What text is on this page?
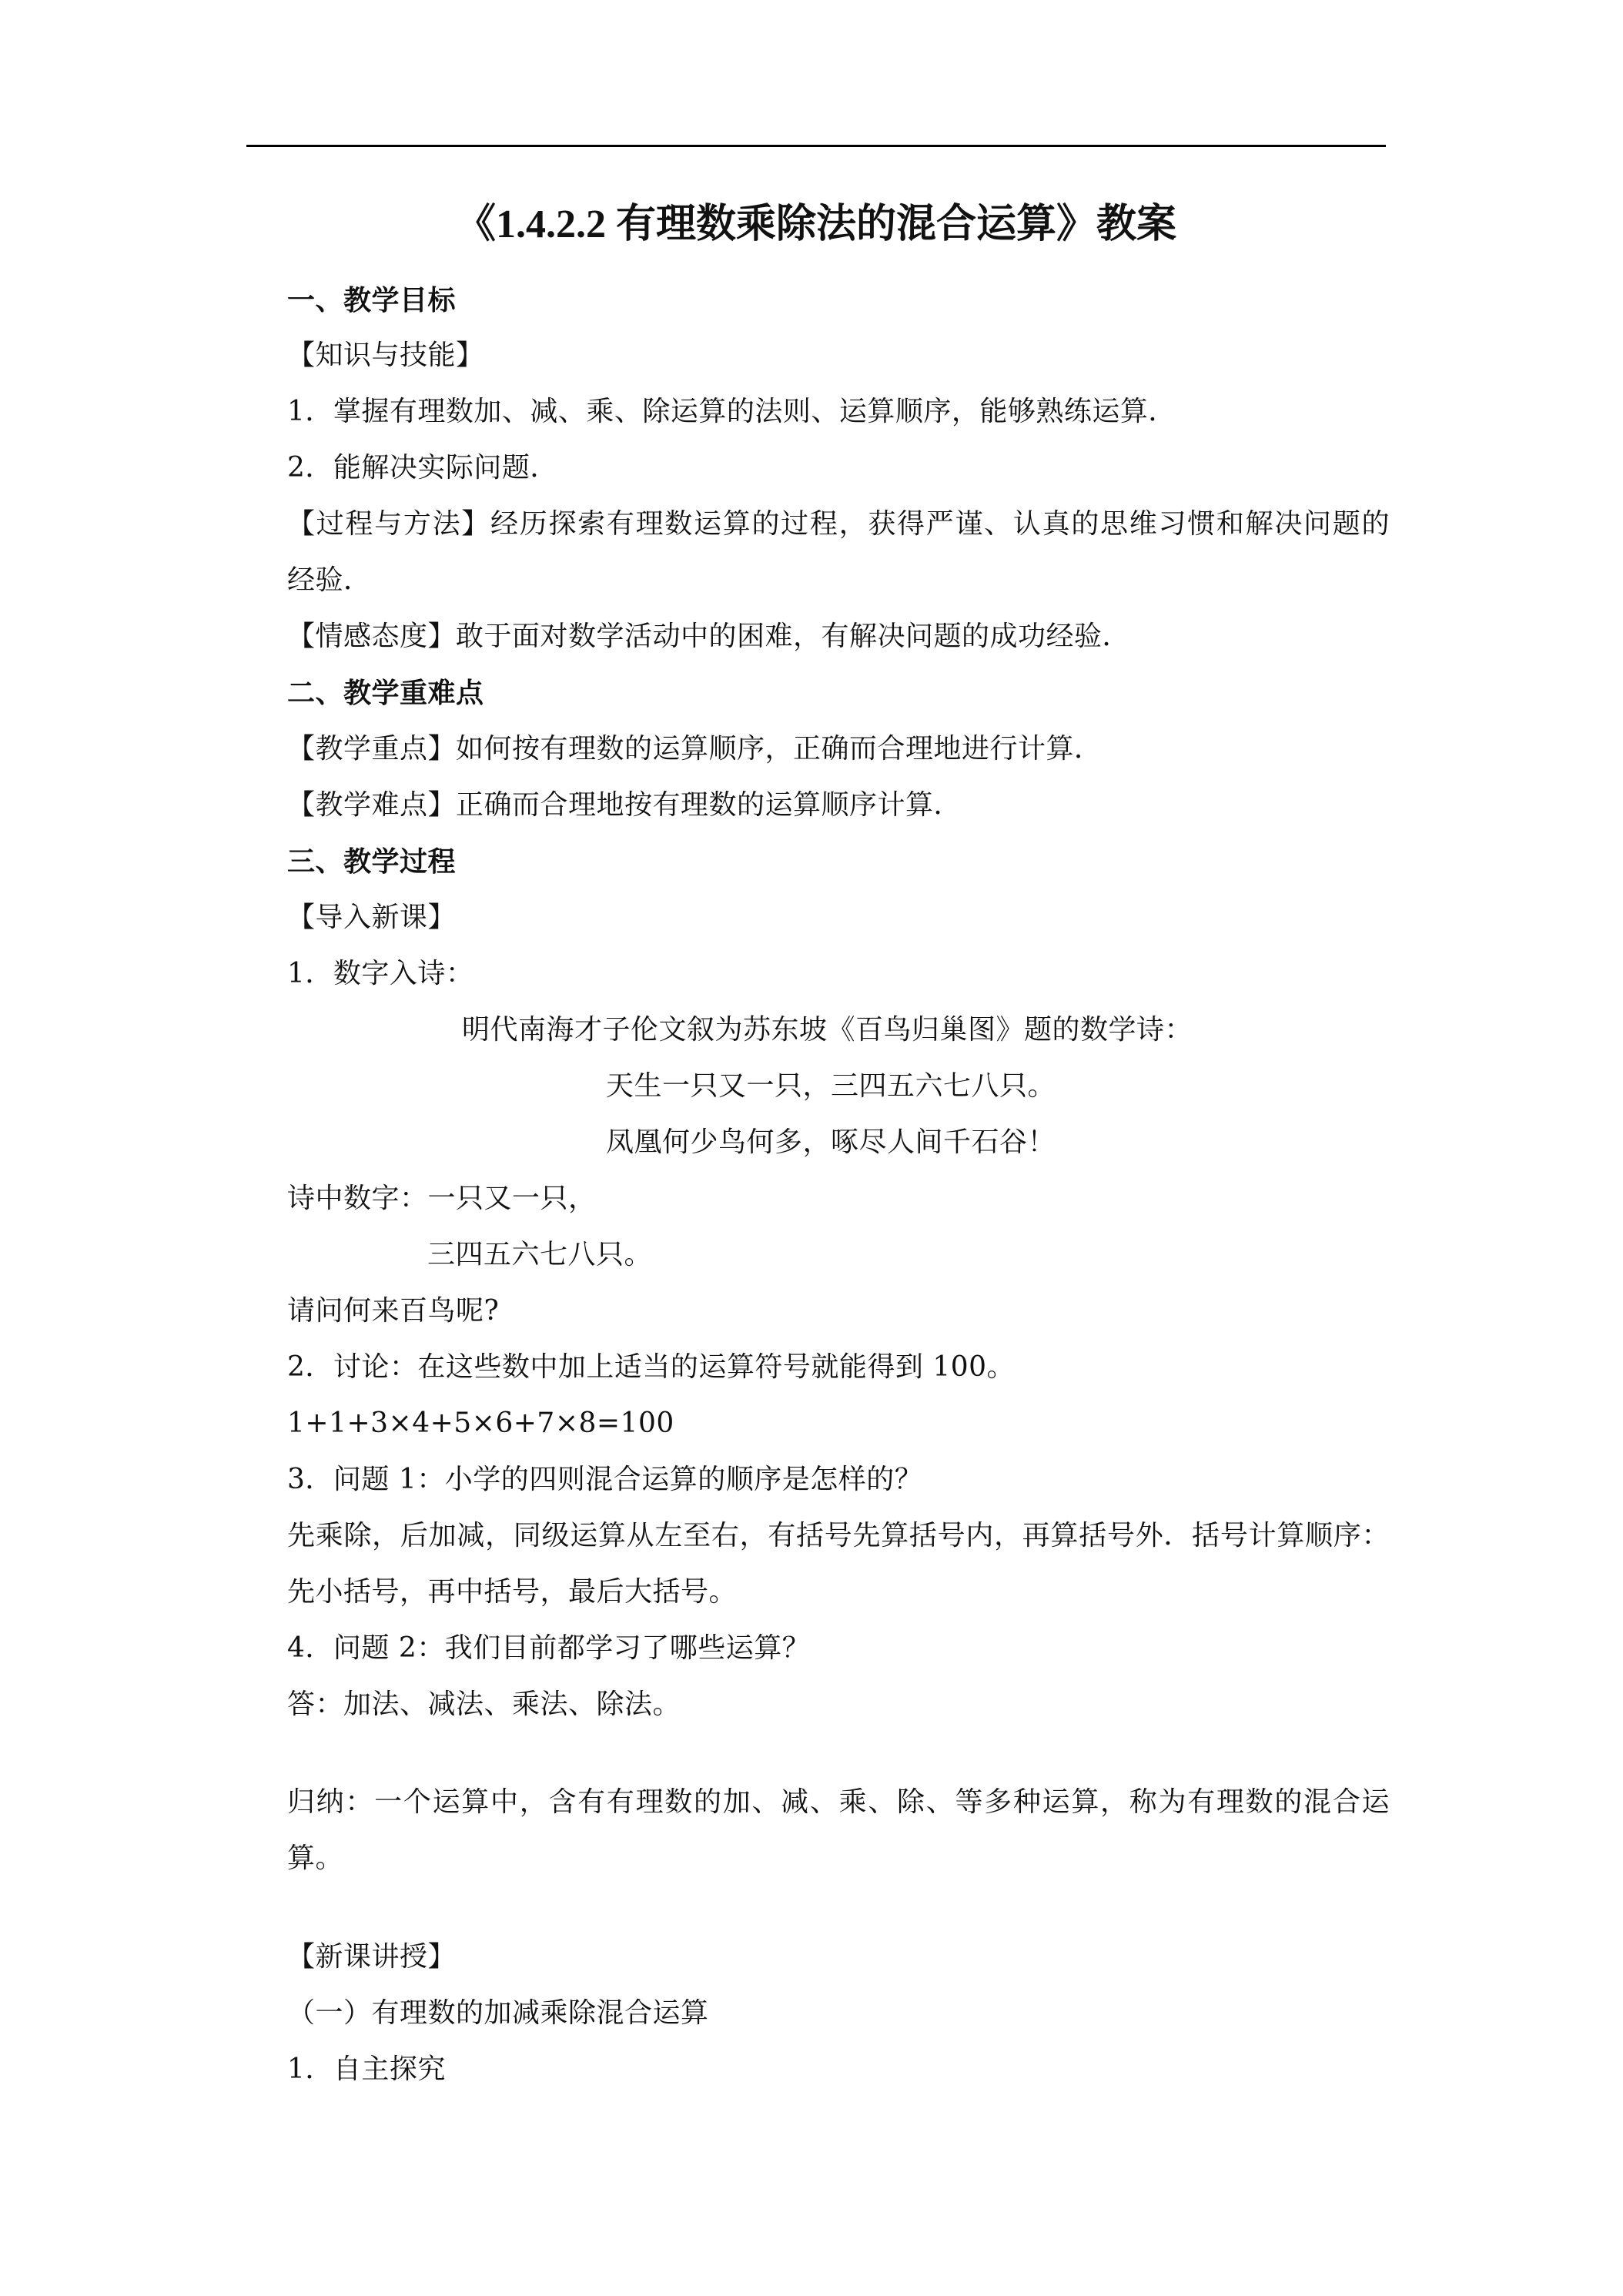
《1.4.2.2 有理数乘除法的混合运算》教案
一、教学目标
【知识与技能】
1．掌握有理数加、减、乘、除运算的法则、运算顺序，能够熟练运算．
2．能解决实际问题．
【过程与方法】经历探索有理数运算的过程，获得严谨、认真的思维习惯和解决问题的
经验．
【情感态度】敢于面对数学活动中的困难，有解决问题的成功经验．
二、教学重难点
【教学重点】如何按有理数的运算顺序，正确而合理地进行计算．
【教学难点】正确而合理地按有理数的运算顺序计算．
三、教学过程
【导入新课】
1．数字入诗：
明代南海才子伦文叙为苏东坡《百鸟归巢图》题的数学诗：
天生一只又一只，三四五六七八只。
凤凰何少鸟何多，啄尽人间千石谷！
诗中数字：一只又一只，
三四五六七八只。
请问何来百鸟呢?
2．讨论：在这些数中加上适当的运算符号就能得到 100。
1+1+3×4+5×6+7×8=100
3．问题 1：小学的四则混合运算的顺序是怎样的？
先乘除，后加减，同级运算从左至右，有括号先算括号内，再算括号外．括号计算顺序：
先小括号，再中括号，最后大括号。
4．问题 2：我们目前都学习了哪些运算？
答：加法、减法、乘法、除法。
归纳：一个运算中，含有有理数的加、减、乘、除、等多种运算，称为有理数的混合运
算。
【新课讲授】
（一）有理数的加减乘除混合运算
1．自主探究
